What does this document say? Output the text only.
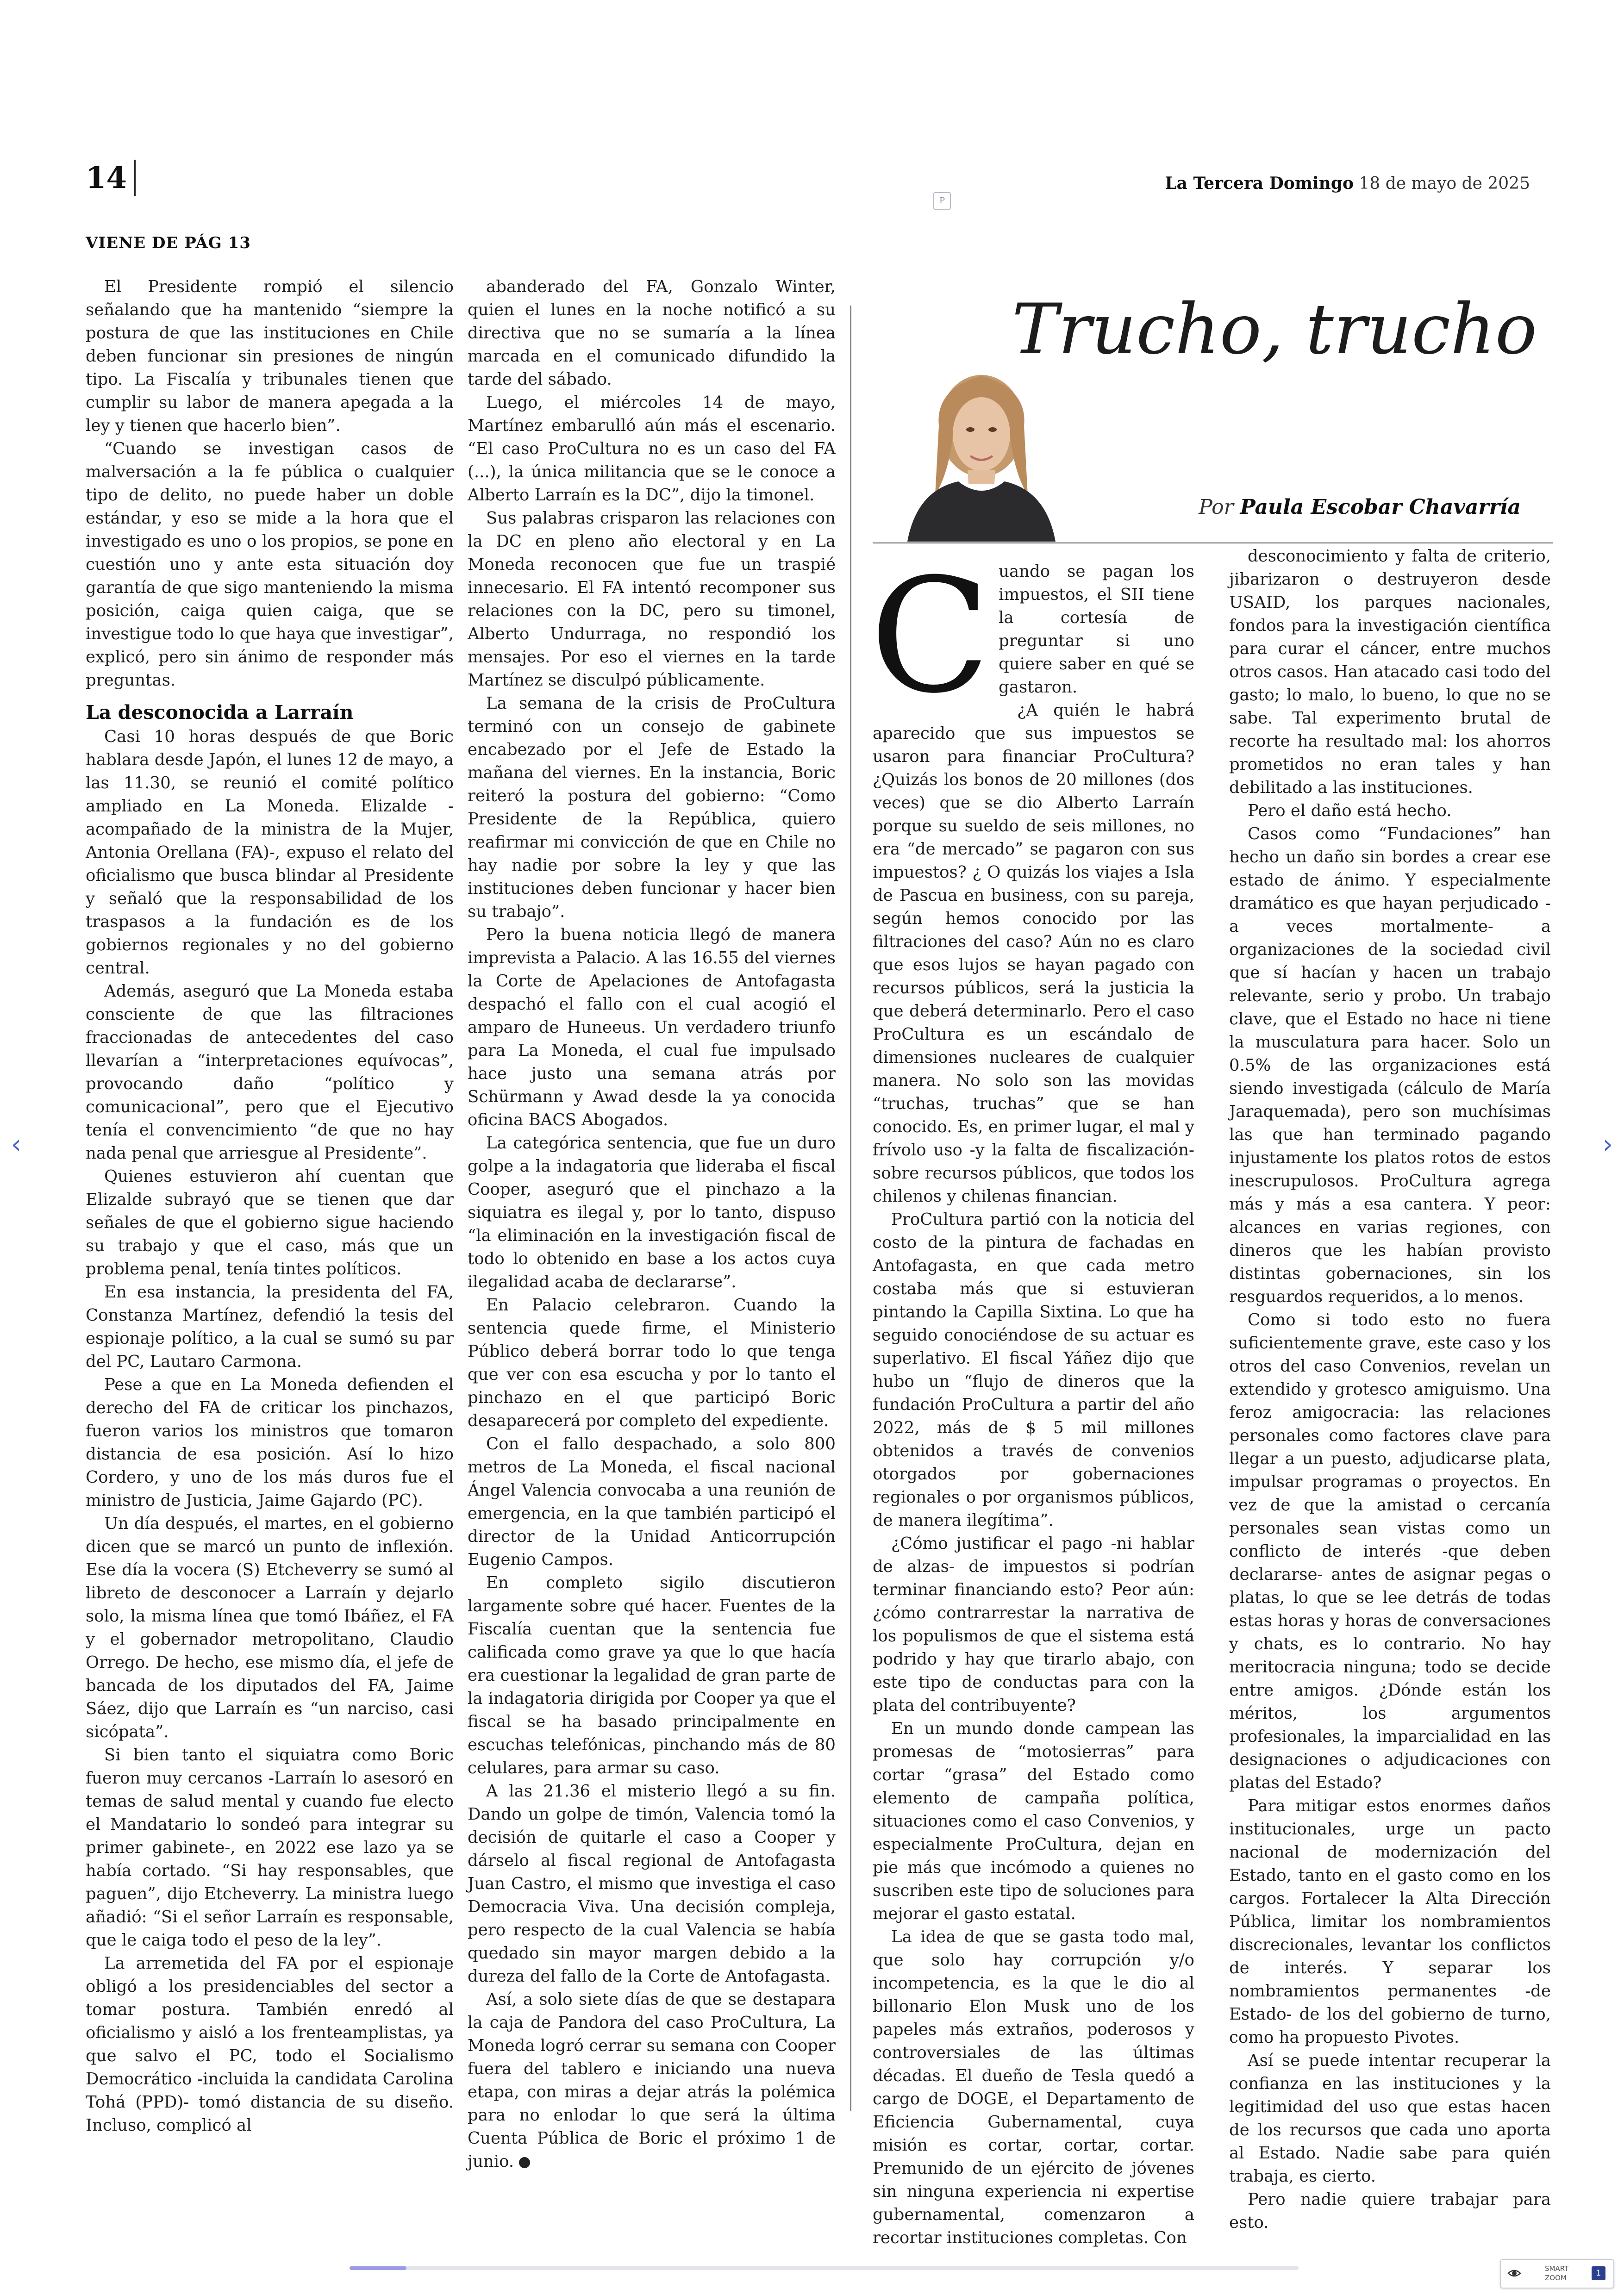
14	La Tercera Domingo 18 de mayo de 2025
P
VIENE DE PÁG 13

El Presidente rompió el silencio señalando que ha mantenido “siempre la postura de que las instituciones en Chile deben funcionar sin presiones de ningún tipo. La Fiscalía y tribunales tienen que cumplir su labor de manera apegada a la ley y tienen que hacerlo bien”.

“Cuando se investigan casos de malversación a la fe pública o cualquier tipo de delito, no puede haber un doble estándar, y eso se mide a la hora que el investigado es uno o los propios, se pone en cuestión uno y ante esta situación doy garantía de que sigo manteniendo la misma posición, caiga quien caiga, que se investigue todo lo que haya que investigar”, explicó, pero sin ánimo de responder más preguntas.

La desconocida a Larraín

Casi 10 horas después de que Boric hablara desde Japón, el lunes 12 de mayo, a las 11.30, se reunió el comité político ampliado en La Moneda. Elizalde -acompañado de la ministra de la Mujer, Antonia Orellana (FA)-, expuso el relato del oficialismo que busca blindar al Presidente y señaló que la responsabilidad de los traspasos a la fundación es de los gobiernos regionales y no del gobierno central.

Además, aseguró que La Moneda estaba consciente de que las filtraciones fraccionadas de antecedentes del caso llevarían a “interpretaciones equívocas”, provocando daño “político y comunicacional”, pero que el Ejecutivo tenía el convencimiento “de que no hay nada penal que arriesgue al Presidente”.

Quienes estuvieron ahí cuentan que Elizalde subrayó que se tienen que dar señales de que el gobierno sigue haciendo su trabajo y que el caso, más que un problema penal, tenía tintes políticos.

En esa instancia, la presidenta del FA, Constanza Martínez, defendió la tesis del espionaje político, a la cual se sumó su par del PC, Lautaro Carmona.

Pese a que en La Moneda defienden el derecho del FA de criticar los pinchazos, fueron varios los ministros que tomaron distancia de esa posición. Así lo hizo Cordero, y uno de los más duros fue el ministro de Justicia, Jaime Gajardo (PC).

Un día después, el martes, en el gobierno dicen que se marcó un punto de inflexión. Ese día la vocera (S) Etcheverry se sumó al libreto de desconocer a Larraín y dejarlo solo, la misma línea que tomó Ibáñez, el FA y el gobernador metropolitano, Claudio Orrego. De hecho, ese mismo día, el jefe de bancada de los diputados del FA, Jaime Sáez, dijo que Larraín es “un narciso, casi sicópata”.

Si bien tanto el siquiatra como Boric fueron muy cercanos -Larraín lo asesoró en temas de salud mental y cuando fue electo el Mandatario lo sondeó para integrar su primer gabinete-, en 2022 ese lazo ya se había cortado. “Si hay responsables, que paguen”, dijo Etcheverry. La ministra luego añadió: “Si el señor Larraín es responsable, que le caiga todo el peso de la ley”.

La arremetida del FA por el espionaje obligó a los presidenciables del sector a tomar postura. También enredó al oficialismo y aisló a los frenteamplistas, ya que salvo el PC, todo el Socialismo Democrático -incluida la candidata Carolina Tohá (PPD)- tomó distancia de su diseño. Incluso, complicó al

abanderado del FA, Gonzalo Winter, quien el lunes en la noche notificó a su directiva que no se sumaría a la línea marcada en el comunicado difundido la tarde del sábado.

Luego, el miércoles 14 de mayo, Martínez embarulló aún más el escenario. “El caso ProCultura no es un caso del FA (...), la única militancia que se le conoce a Alberto Larraín es la DC”, dijo la timonel.

Sus palabras crisparon las relaciones con la DC en pleno año electoral y en La Moneda reconocen que fue un traspié innecesario. El FA intentó recomponer sus relaciones con la DC, pero su timonel, Alberto Undurraga, no respondió los mensajes. Por eso el viernes en la tarde Martínez se disculpó públicamente.

La semana de la crisis de ProCultura terminó con un consejo de gabinete encabezado por el Jefe de Estado la mañana del viernes. En la instancia, Boric reiteró la postura del gobierno: “Como Presidente de la República, quiero reafirmar mi convicción de que en Chile no hay nadie por sobre la ley y que las instituciones deben funcionar y hacer bien su trabajo”.

Pero la buena noticia llegó de manera imprevista a Palacio. A las 16.55 del viernes la Corte de Apelaciones de Antofagasta despachó el fallo con el cual acogió el amparo de Huneeus. Un verdadero triunfo para La Moneda, el cual fue impulsado hace justo una semana atrás por Schürmann y Awad desde la ya conocida oficina BACS Abogados.

La categórica sentencia, que fue un duro golpe a la indagatoria que lideraba el fiscal Cooper, aseguró que el pinchazo a la siquiatra es ilegal y, por lo tanto, dispuso “la eliminación en la investigación fiscal de todo lo obtenido en base a los actos cuya ilegalidad acaba de declararse”.

En Palacio celebraron. Cuando la sentencia quede firme, el Ministerio Público deberá borrar todo lo que tenga que ver con esa escucha y por lo tanto el pinchazo en el que participó Boric desaparecerá por completo del expediente.

Con el fallo despachado, a solo 800 metros de La Moneda, el fiscal nacional Ángel Valencia convocaba a una reunión de emergencia, en la que también participó el director de la Unidad Anticorrupción Eugenio Campos.

En completo sigilo discutieron largamente sobre qué hacer. Fuentes de la Fiscalía cuentan que la sentencia fue calificada como grave ya que lo que hacía era cuestionar la legalidad de gran parte de la indagatoria dirigida por Cooper ya que el fiscal se ha basado principalmente en escuchas telefónicas, pinchando más de 80 celulares, para armar su caso.

A las 21.36 el misterio llegó a su fin. Dando un golpe de timón, Valencia tomó la decisión de quitarle el caso a Cooper y dárselo al fiscal regional de Antofagasta Juan Castro, el mismo que investiga el caso Democracia Viva. Una decisión compleja, pero respecto de la cual Valencia se había quedado sin mayor margen debido a la dureza del fallo de la Corte de Antofagasta.

Así, a solo siete días de que se destapara la caja de Pandora del caso ProCultura, La Moneda logró cerrar su semana con Cooper fuera del tablero e iniciando una nueva etapa, con miras a dejar atrás la polémica para no enlodar lo que será la última Cuenta Pública de Boric el próximo 1 de junio.

Trucho, trucho
Por Paula Escobar Chavarría
C uando se pagan los impuestos, el SII tiene la cortesía de preguntar si uno quiere saber en qué se gastaron.

¿A quién le habrá aparecido que sus impuestos se usaron para financiar ProCultura? ¿Quizás los bonos de 20 millones (dos veces) que se dio Alberto Larraín porque su sueldo de seis millones, no era “de mercado” se pagaron con sus impuestos? ¿ O quizás los viajes a Isla de Pascua en business, con su pareja, según hemos conocido por las filtraciones del caso? Aún no es claro que esos lujos se hayan pagado con recursos públicos, será la justicia la que deberá determinarlo. Pero el caso ProCultura es un escándalo de dimensiones nucleares de cualquier manera. No solo son las movidas “truchas, truchas” que se han conocido. Es, en primer lugar, el mal y frívolo uso -y la falta de fiscalización- sobre recursos públicos, que todos los chilenos y chilenas financian.

ProCultura partió con la noticia del costo de la pintura de fachadas en Antofagasta, en que cada metro costaba más que si estuvieran pintando la Capilla Sixtina. Lo que ha seguido conociéndose de su actuar es superlativo. El fiscal Yáñez dijo que hubo un “flujo de dineros que la fundación ProCultura a partir del año 2022, más de $ 5 mil millones obtenidos a través de convenios otorgados por gobernaciones regionales o por organismos públicos, de manera ilegítima”.

¿Cómo justificar el pago -ni hablar de alzas- de impuestos si podrían terminar financiando esto? Peor aún: ¿cómo contrarrestar la narrativa de los populismos de que el sistema está podrido y hay que tirarlo abajo, con este tipo de conductas para con la plata del contribuyente?

En un mundo donde campean las promesas de “motosierras” para cortar “grasa” del Estado como elemento de campaña política, situaciones como el caso Convenios, y especialmente ProCultura, dejan en pie más que incómodo a quienes no suscriben este tipo de soluciones para mejorar el gasto estatal.

La idea de que se gasta todo mal, que solo hay corrupción y/o incompetencia, es la que le dio al billonario Elon Musk uno de los papeles más extraños, poderosos y controversiales de las últimas décadas. El dueño de Tesla quedó a cargo de DOGE, el Departamento de Eficiencia Gubernamental, cuya misión es cortar, cortar, cortar. Premunido de un ejército de jóvenes sin ninguna experiencia ni expertise gubernamental, comenzaron a recortar instituciones completas. Con

desconocimiento y falta de criterio, jibarizaron o destruyeron desde USAID, los parques nacionales, fondos para la investigación científica para curar el cáncer, entre muchos otros casos. Han atacado casi todo del gasto; lo malo, lo bueno, lo que no se sabe. Tal experimento brutal de recorte ha resultado mal: los ahorros prometidos no eran tales y han debilitado a las instituciones.

Pero el daño está hecho.

Casos como “Fundaciones” han hecho un daño sin bordes a crear ese estado de ánimo. Y especialmente dramático es que hayan perjudicado -a veces mortalmente- a organizaciones de la sociedad civil que sí hacían y hacen un trabajo relevante, serio y probo. Un trabajo clave, que el Estado no hace ni tiene la musculatura para hacer. Solo un 0.5% de las organizaciones está siendo investigada (cálculo de María Jaraquemada), pero son muchísimas las que han terminado pagando injustamente los platos rotos de estos inescrupulosos. ProCultura agrega más y más a esa cantera. Y peor: alcances en varias regiones, con dineros que les habían provisto distintas gobernaciones, sin los resguardos requeridos, a lo menos.

Como si todo esto no fuera suficientemente grave, este caso y los otros del caso Convenios, revelan un extendido y grotesco amiguismo. Una feroz amigocracia: las relaciones personales como factores clave para llegar a un puesto, adjudicarse plata, impulsar programas o proyectos. En vez de que la amistad o cercanía personales sean vistas como un conflicto de interés -que deben declararse- antes de asignar pegas o platas, lo que se lee detrás de todas estas horas y horas de conversaciones y chats, es lo contrario. No hay meritocracia ninguna; todo se decide entre amigos. ¿Dónde están los méritos, los argumentos profesionales, la imparcialidad en las designaciones o adjudicaciones con platas del Estado?

Para mitigar estos enormes daños institucionales, urge un pacto nacional de modernización del Estado, tanto en el gasto como en los cargos. Fortalecer la Alta Dirección Pública, limitar los nombramientos discrecionales, levantar los conflictos de interés. Y separar los nombramientos permanentes -de Estado- de los del gobierno de turno, como ha propuesto Pivotes.

Así se puede intentar recuperar la confianza en las instituciones y la legitimidad del uso que estas hacen de los recursos que cada uno aporta al Estado. Nadie sabe para quién trabaja, es cierto.

Pero nadie quiere trabajar para esto.

‹	›
SMART
ZOOM	1
